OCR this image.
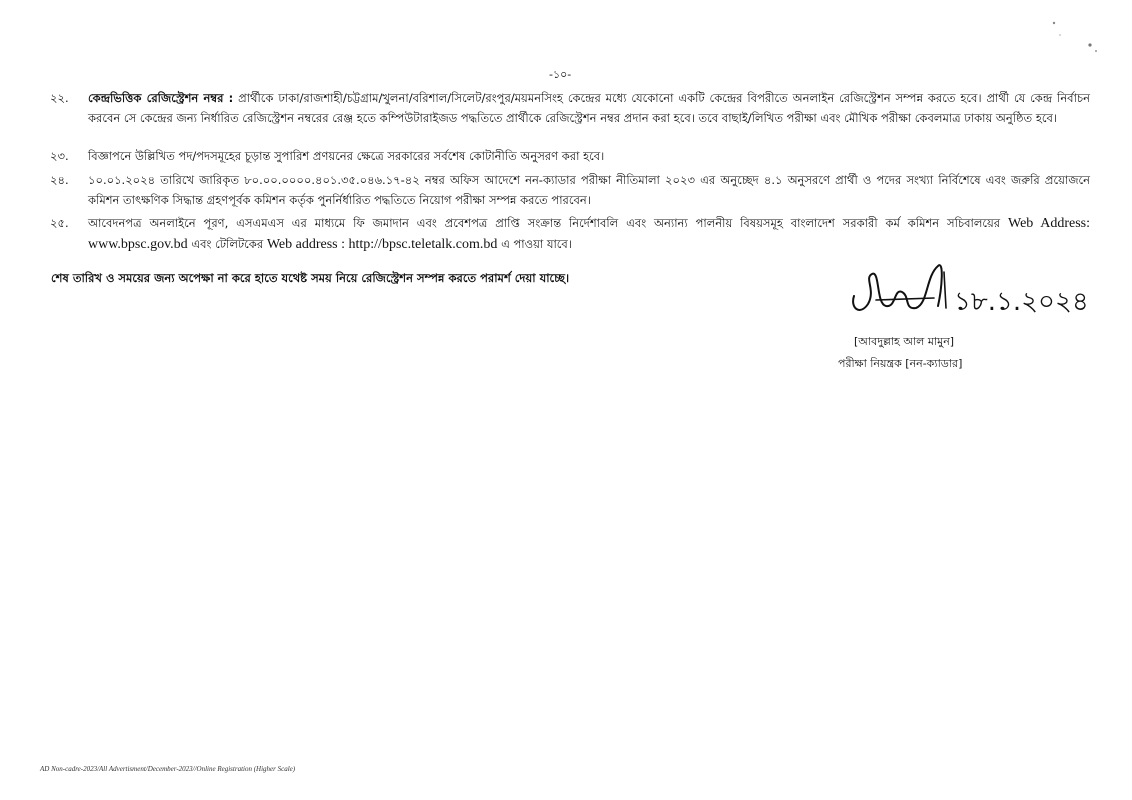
-১০-
২২.	কেন্দ্রভিত্তিক রেজিস্ট্রেশন নম্বর : প্রার্থীকে ঢাকা/রাজশাহী/চট্টগ্রাম/খুলনা/বরিশাল/সিলেট/রংপুর/ময়মনসিংহ কেন্দ্রের মধ্যে যেকোনো একটি কেন্দ্রের বিপরীতে অনলাইন রেজিস্ট্রেশন সম্পন্ন করতে হবে। প্রার্থী যে কেন্দ্র নির্বাচন করবেন সে কেন্দ্রের জন্য নির্ধারিত রেজিস্ট্রেশন নম্বরের রেঞ্জ হতে কম্পিউটারাইজড পদ্ধতিতে প্রার্থীকে রেজিস্ট্রেশন নম্বর প্রদান করা হবে। তবে বাছাই/লিখিত পরীক্ষা এবং মৌখিক পরীক্ষা কেবলমাত্র ঢাকায় অনুষ্ঠিত হবে।
২৩.	বিজ্ঞাপনে উল্লিখিত পদ/পদসমূহের চূড়ান্ত সুপারিশ প্রণয়নের ক্ষেত্রে সরকারের সর্বশেষ কোটানীতি অনুসরণ করা হবে।
২৪.	১০.০১.২০২৪ তারিখে জারিকৃত ৮০.০০.০০০০.৪০১.৩৫.০৪৬.১৭-৪২ নম্বর অফিস আদেশে নন-ক্যাডার পরীক্ষা নীতিমালা ২০২৩ এর অনুচ্ছেদ ৪.১ অনুসরণে প্রার্থী ও পদের সংখ্যা নির্বিশেষে এবং জরুরি প্রয়োজনে কমিশন তাৎক্ষণিক সিদ্ধান্ত গ্রহণপূর্বক কমিশন কর্তৃক পুনর্নির্ধারিত পদ্ধতিতে নিয়োগ পরীক্ষা সম্পন্ন করতে পারবেন।
২৫.	আবেদনপত্র অনলাইনে পূরণ, এসএমএস এর মাধ্যমে ফি জমাদান এবং প্রবেশপত্র প্রাপ্তি সংক্রান্ত নির্দেশাবলি এবং অন্যান্য পালনীয় বিষয়সমূহ বাংলাদেশ সরকারী কর্ম কমিশন সচিবালয়ের Web Address: www.bpsc.gov.bd এবং টেলিটকের Web address : http://bpsc.teletalk.com.bd এ পাওয়া যাবে।
শেষ তারিখ ও সময়ের জন্য অপেক্ষা না করে হাতে যথেষ্ট সময় নিয়ে রেজিস্ট্রেশন সম্পন্ন করতে পরামর্শ দেয়া যাচ্ছে।
১৮.১.২০২৪
[আবদুল্লাহ আল মামুন]
পরীক্ষা নিয়ন্ত্রক [নন-ক্যাডার]
AD Non-cadre-2023/All Advertisment/December-2023//Online Registration (Higher Scale)
